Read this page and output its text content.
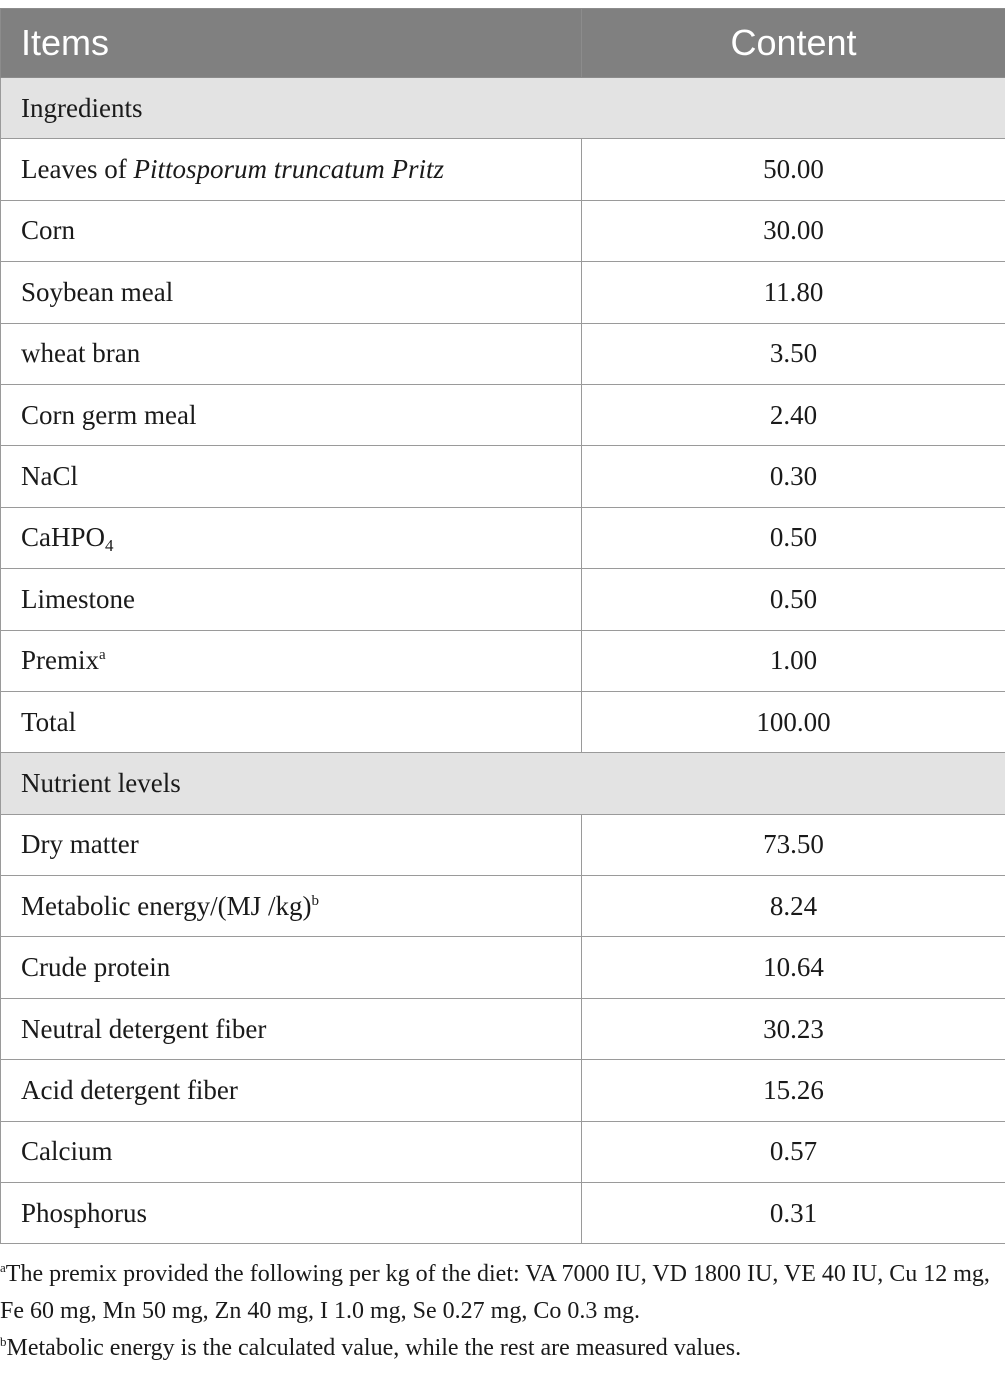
Items	Content
Ingredients	
Leaves of Pittosporum truncatum Pritz	50.00
Corn	30.00
Soybean meal	11.80
wheat bran	3.50
Corn germ meal	2.40
NaCl	0.30
CaHPO$_4$	0.50
Limestone	0.50
Premix$^a$	1.00
Total	100.00
Nutrient levels	
Dry matter	73.50
Metabolic energy/(MJ /kg)$^b$	8.24
Crude protein	10.64
Neutral detergent fiber	30.23
Acid detergent fiber	15.26
Calcium	0.57
Phosphorus	0.31

$^a$The premix provided the following per kg of the diet: VA 7000 IU, VD 1800 IU, VE 40 IU, Cu 12 mg, Fe 60 mg, Mn 50 mg, Zn 40 mg, I 1.0 mg, Se 0.27 mg, Co 0.3 mg.

$^b$Metabolic energy is the calculated value, while the rest are measured values.
